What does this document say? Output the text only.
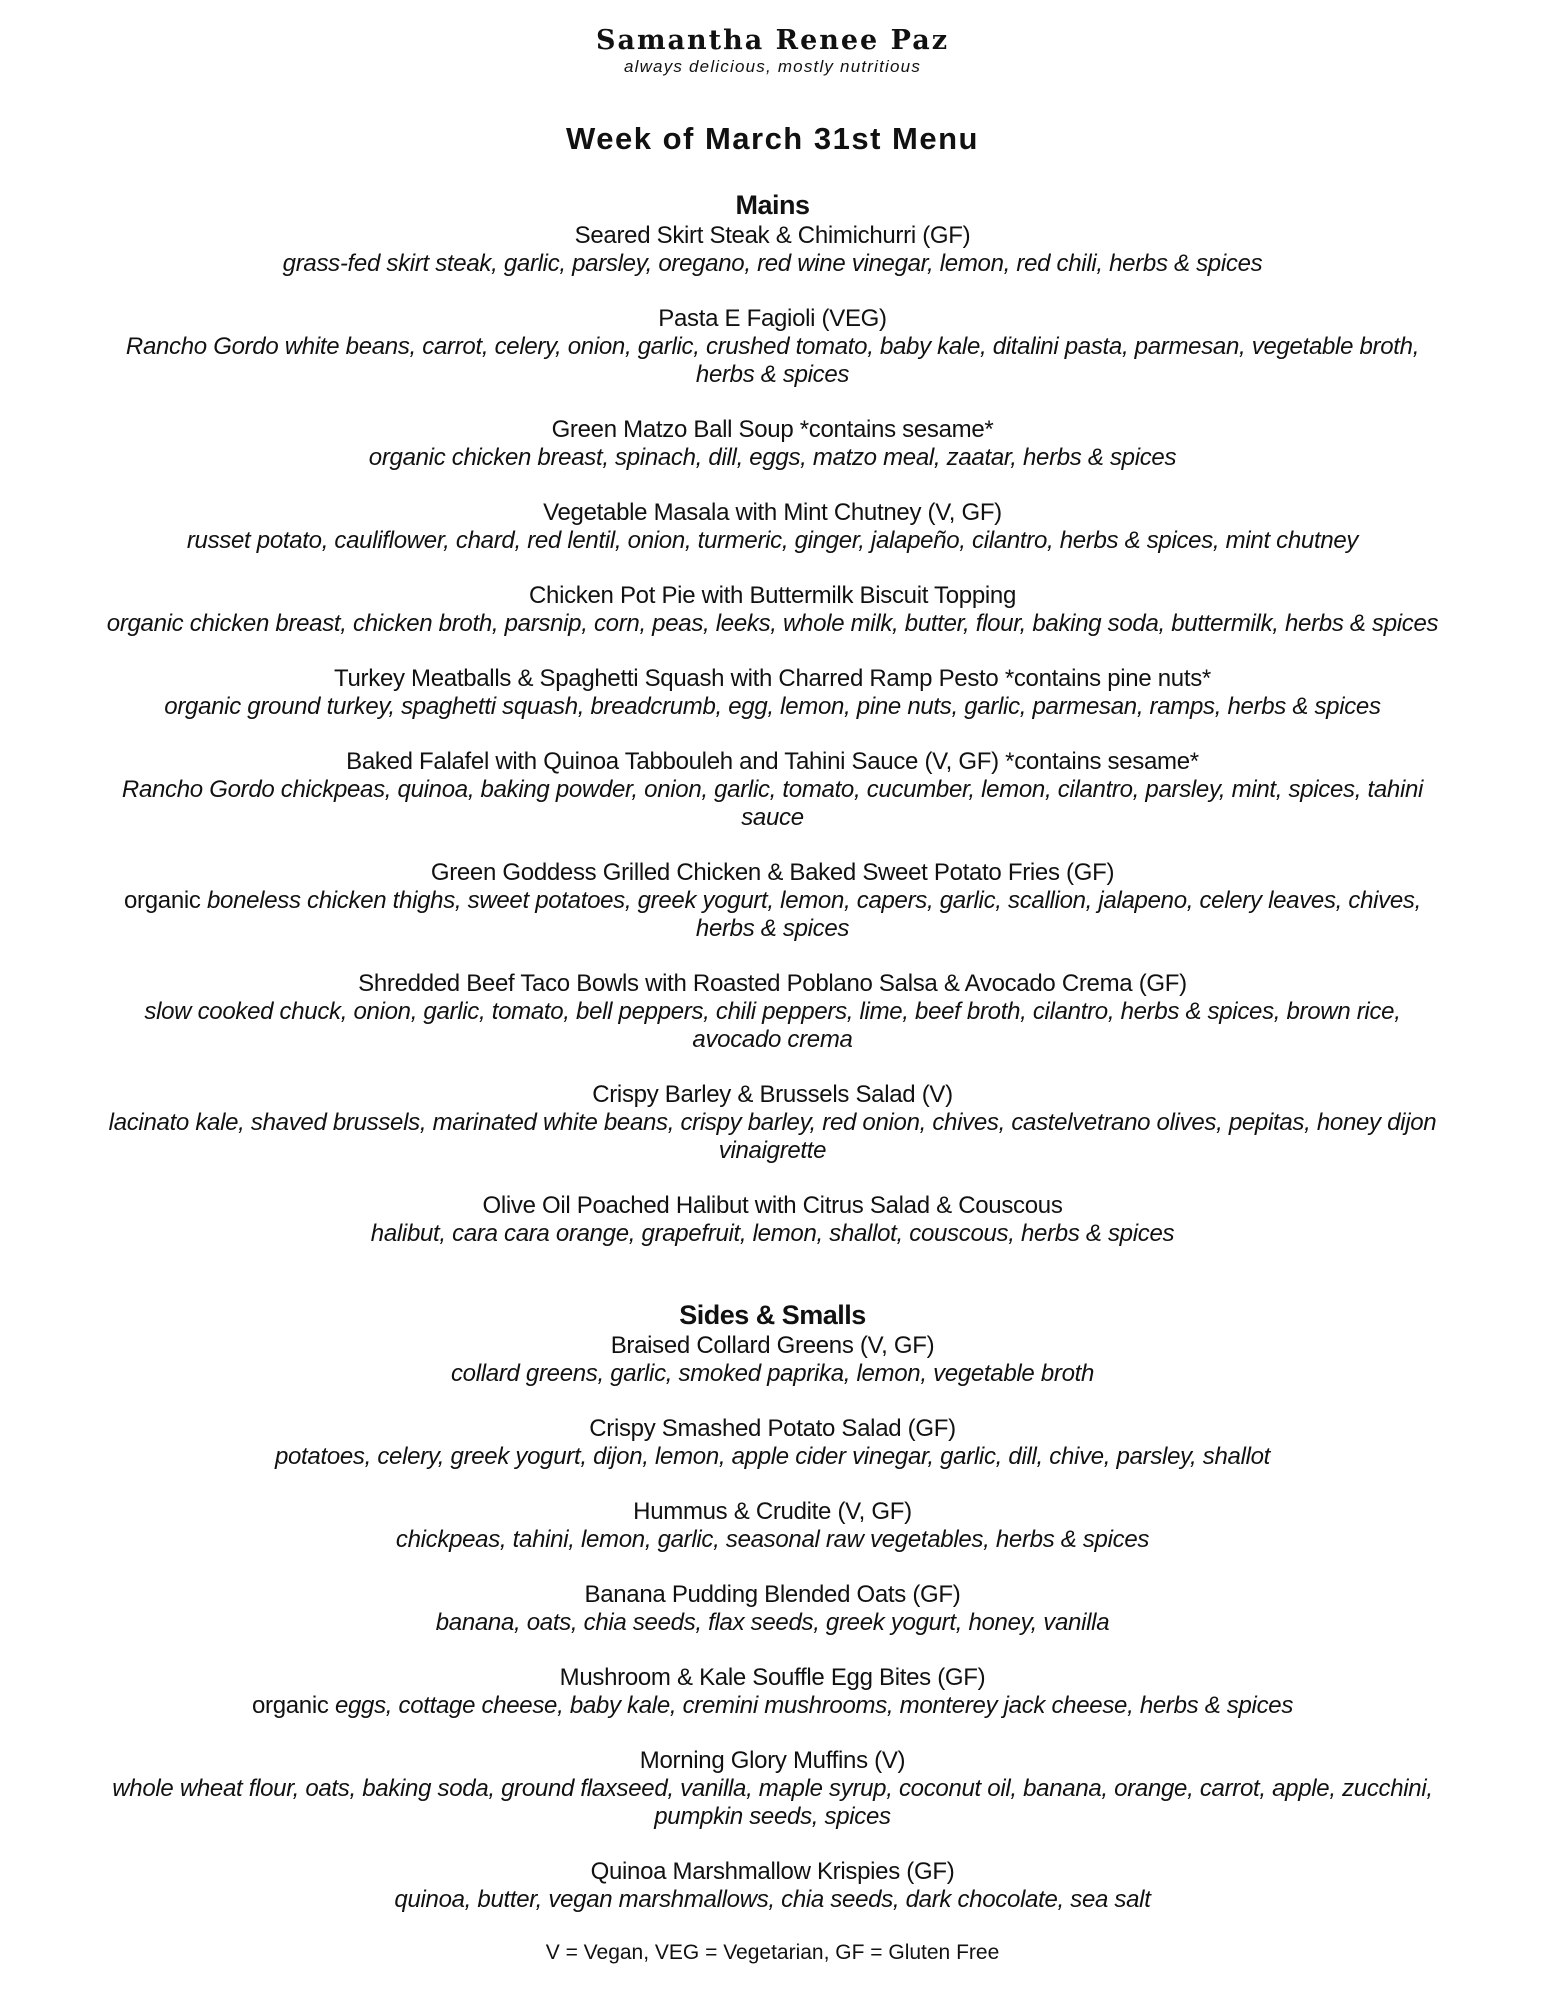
Samantha Renee Paz
always delicious, mostly nutritious
Week of March 31st Menu
Mains
Seared Skirt Steak & Chimichurri (GF)
grass-fed skirt steak, garlic, parsley, oregano, red wine vinegar, lemon, red chili, herbs & spices
Pasta E Fagioli (VEG)
Rancho Gordo white beans, carrot, celery, onion, garlic, crushed tomato, baby kale, ditalini pasta, parmesan, vegetable broth,
herbs & spices
Green Matzo Ball Soup *contains sesame*
organic chicken breast, spinach, dill, eggs, matzo meal, zaatar, herbs & spices
Vegetable Masala with Mint Chutney (V, GF)
russet potato, cauliflower, chard, red lentil, onion, turmeric, ginger, jalapeño, cilantro, herbs & spices, mint chutney
Chicken Pot Pie with Buttermilk Biscuit Topping
organic chicken breast, chicken broth, parsnip, corn, peas, leeks, whole milk, butter, flour, baking soda, buttermilk, herbs & spices
Turkey Meatballs & Spaghetti Squash with Charred Ramp Pesto *contains pine nuts*
organic ground turkey, spaghetti squash, breadcrumb, egg, lemon, pine nuts, garlic, parmesan, ramps, herbs & spices
Baked Falafel with Quinoa Tabbouleh and Tahini Sauce (V, GF) *contains sesame*
Rancho Gordo chickpeas, quinoa, baking powder, onion, garlic, tomato, cucumber, lemon, cilantro, parsley, mint, spices, tahini
sauce
Green Goddess Grilled Chicken & Baked Sweet Potato Fries (GF)
organic boneless chicken thighs, sweet potatoes, greek yogurt, lemon, capers, garlic, scallion, jalapeno, celery leaves, chives,
herbs & spices
Shredded Beef Taco Bowls with Roasted Poblano Salsa & Avocado Crema (GF)
slow cooked chuck, onion, garlic, tomato, bell peppers, chili peppers, lime, beef broth, cilantro, herbs & spices, brown rice,
avocado crema
Crispy Barley & Brussels Salad (V)
lacinato kale, shaved brussels, marinated white beans, crispy barley, red onion, chives, castelvetrano olives, pepitas, honey dijon
vinaigrette
Olive Oil Poached Halibut with Citrus Salad & Couscous
halibut, cara cara orange, grapefruit, lemon, shallot, couscous, herbs & spices
Sides & Smalls
Braised Collard Greens (V, GF)
collard greens, garlic, smoked paprika, lemon, vegetable broth
Crispy Smashed Potato Salad (GF)
potatoes, celery, greek yogurt, dijon, lemon, apple cider vinegar, garlic, dill, chive, parsley, shallot
Hummus & Crudite (V, GF)
chickpeas, tahini, lemon, garlic, seasonal raw vegetables, herbs & spices
Banana Pudding Blended Oats (GF)
banana, oats, chia seeds, flax seeds, greek yogurt, honey, vanilla
Mushroom & Kale Souffle Egg Bites (GF)
organic eggs, cottage cheese, baby kale, cremini mushrooms, monterey jack cheese, herbs & spices
Morning Glory Muffins (V)
whole wheat flour, oats, baking soda, ground flaxseed, vanilla, maple syrup, coconut oil, banana, orange, carrot, apple, zucchini,
pumpkin seeds, spices
Quinoa Marshmallow Krispies (GF)
quinoa, butter, vegan marshmallows, chia seeds, dark chocolate, sea salt
V = Vegan, VEG = Vegetarian, GF = Gluten Free
